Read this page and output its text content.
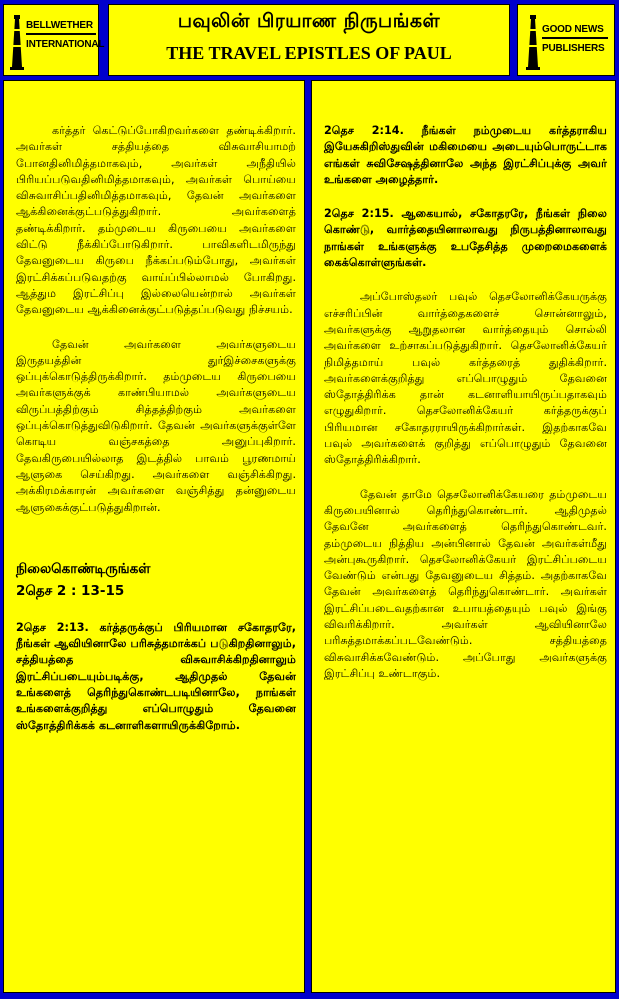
BELLWETHER
INTERNATIONAL
பவுலின் பிரயாண நிருபங்கள்
THE TRAVEL EPISTLES OF PAUL
GOOD NEWS
PUBLISHERS

கர்த்தர் கெட்டுப்போகிறவர்களை தண்டிக்கிறார். அவர்கள் சத்தியத்தை விசுவாசியாமற் போனதினிமித்தமாகவும், அவர்கள் அநீதியில் பிரியப்படுவதினிமித்தமாகவும், அவர்கள் பொய்யை விசுவாசிப்பதினிமித்தமாகவும், தேவன் அவர்களை ஆக்கினைக்குட்படுத்துகிறார். அவர்களைத் தண்டிக்கிறார். தம்முடைய கிருபையை அவர்களை விட்டு நீக்கிப்போடுகிறார். பாவிகளிடமிருந்து தேவனுடைய கிருபை நீக்கப்படும்போது, அவர்கள் இரட்சிக்கப்படுவதற்கு வாய்ப்பில்லாமல் போகிறது. ஆத்தும இரட்சிப்பு இல்லையென்றால் அவர்கள் தேவனுடைய ஆக்கினைக்குட்படுத்தப்படுவது நிச்சயம்.

தேவன் அவர்களை அவர்களுடைய இருதயத்தின் துர்இச்சைகளுக்கு ஒப்புக்கொடுத்திருக்கிறார். தம்முடைய கிருபையை அவர்களுக்குக் காண்பியாமல் அவர்களுடைய விருப்பத்திற்கும் சித்தத்திற்கும் அவர்களை ஒப்புக்கொடுத்துவிடுகிறார். தேவன் அவர்களுக்குள்ளே கொடிய வஞ்சகத்தை அனுப்புகிறார். தேவகிருபையில்லாத இடத்தில் பாவம் பூரணமாய் ஆளுகை செய்கிறது. அவர்களை வஞ்சிக்கிறது. அக்கிரமக்காரன் அவர்களை வஞ்சித்து தன்னுடைய ஆளுகைக்குட்படுத்துகிறான்.

நிலைகொண்டிருங்கள்
2தெச 2 : 13-15

2தெச 2:13. கர்த்தருக்குப் பிரியமான சகோதரரே, நீங்கள் ஆவியினாலே பரிசுத்தமாக்கப் படுகிறதினாலும், சத்தியத்தை விசுவாசிக்கிறதினாலும் இரட்சிப்படையும்படிக்கு, ஆதிமுதல் தேவன் உங்களைத் தெரிந்துகொண்டபடியினாலே, நாங்கள் உங்களைக்குறித்து எப்பொழுதும் தேவனை ஸ்தோத்திரிக்கக் கடனாளிகளாயிருக்கிறோம்.

2தெச 2:14. நீங்கள் நம்முடைய கர்த்தராகிய இயேசுகிறிஸ்துவின் மகிமையை அடையும்பொருட்டாக எங்கள் சுவிசேஷத்தினாலே அந்த இரட்சிப்புக்கு அவர் உங்களை அழைத்தார்.

2தெச 2:15. ஆகையால், சகோதரரே, நீங்கள் நிலை கொண்டு, வார்த்தையினாலாவது நிருபத்தினாலாவது நாங்கள் உங்களுக்கு உபதேசித்த முறைமைகளைக் கைக்கொள்ளுங்கள்.

அப்போஸ்தலர் பவுல் தெசலோனிக்கேயருக்கு எச்சரிப்பின் வார்த்தைகளைச் சொன்னாலும், அவர்களுக்கு ஆறுதலான வார்த்தையும் சொல்லி அவர்களை உற்சாகப்படுத்துகிறார். தெசலோனிக்கேயர் நிமித்தமாய் பவுல் கர்த்தரைத் துதிக்கிறார். அவர்களைக்குறித்து எப்பொழுதும் தேவனை ஸ்தோத்திரிக்க தான் கடனாளியாயிருப்பதாகவும் எழுதுகிறார். தெசலோனிக்கேயர் கர்த்தருக்குப் பிரியமான சகோதரராயிருக்கிறார்கள். இதற்காகவே பவுல் அவர்களைக் குறித்து எப்பொழுதும் தேவனை ஸ்தோத்திரிக்கிறார்.

தேவன் தாமே தெசலோனிக்கேயரை தம்முடைய கிருபையினால் தெரிந்துகொண்டார். ஆதிமுதல் தேவனே அவர்களைத் தெரிந்துகொண்டவர். தம்முடைய நித்திய அன்பினால் தேவன் அவர்கள்மீது அன்புகூருகிறார். தெசலோனிக்கேயர் இரட்சிப்படைய வேண்டும் என்பது தேவனுடைய சித்தம். அதற்காகவே தேவன் அவர்களைத் தெரிந்துகொண்டார். அவர்கள் இரட்சிப்படைவதற்கான உபாயத்தையும் பவுல் இங்கு விவரிக்கிறார். அவர்கள் ஆவியினாலே பரிசுத்தமாக்கப்படவேண்டும். சத்தியத்தை விசுவாசிக்கவேண்டும். அப்போது அவர்களுக்கு இரட்சிப்பு உண்டாகும்.
